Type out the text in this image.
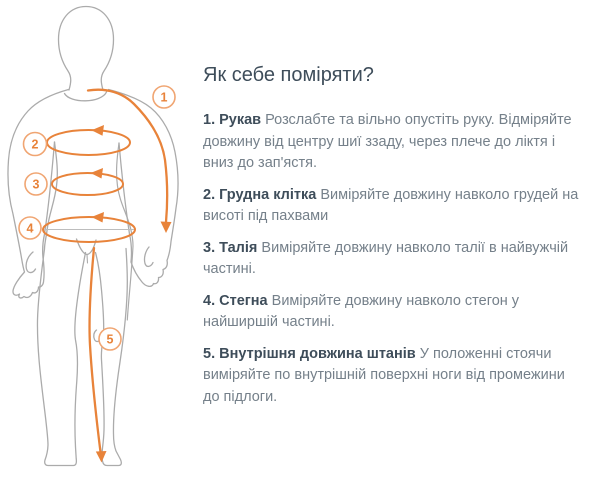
1
2
3
4
5
Як себе поміряти?

1. Рукав Розслабте та вільно опустіть руку. Відміряйте довжину від центру шиї ззаду, через плече до ліктя і вниз до зап'ястя.

2. Грудна клітка Виміряйте довжину навколо грудей на висоті під пахвами

3. Талія Виміряйте довжину навколо талії в найвужчій частині.

4. Стегна Виміряйте довжину навколо стегон у найширшій частині.

5. Внутрішня довжина штанів У положенні стоячи виміряйте по внутрішній поверхні ноги від промежини до підлоги.
